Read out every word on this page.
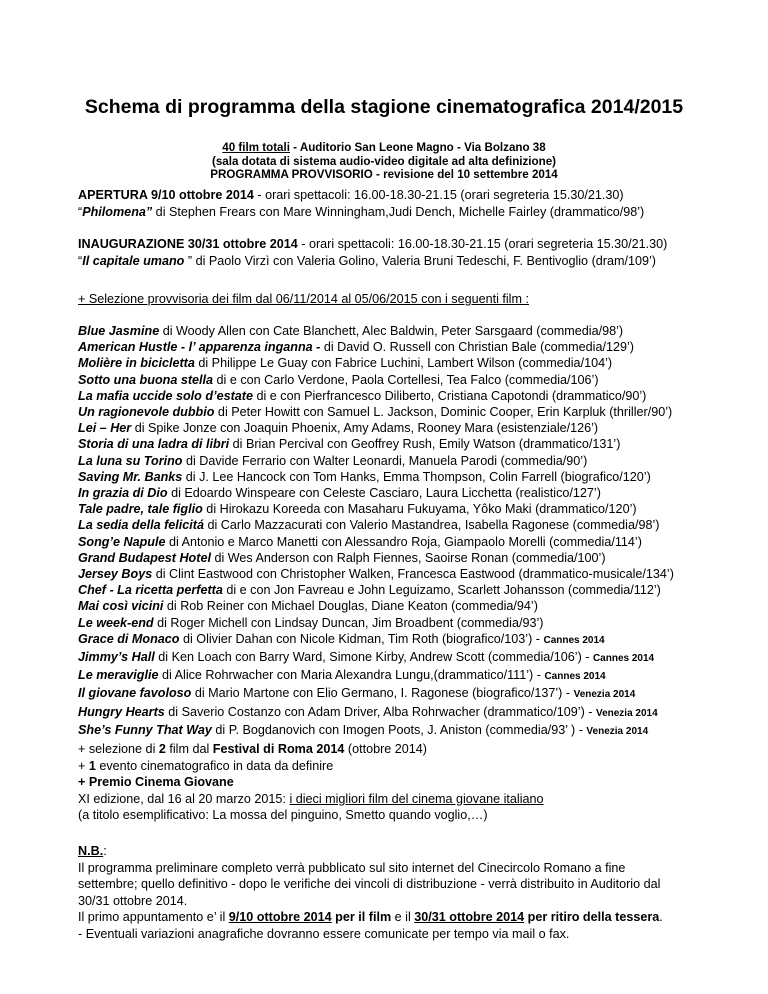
Schema di programma della stagione cinematografica 2014/2015
40 film totali - Auditorio San Leone Magno - Via Bolzano 38
(sala dotata di sistema audio-video digitale ad alta definizione)
PROGRAMMA PROVVISORIO - revisione del 10 settembre 2014
APERTURA 9/10 ottobre 2014 - orari spettacoli: 16.00-18.30-21.15 (orari segreteria 15.30/21.30)
“Philomena” di Stephen Frears con Mare Winningham,Judi Dench, Michelle Fairley (drammatico/98’)
INAUGURAZIONE 30/31 ottobre 2014 - orari spettacoli: 16.00-18.30-21.15 (orari segreteria 15.30/21.30)
“Il capitale umano ” di Paolo Virzì con Valeria Golino, Valeria Bruni Tedeschi, F. Bentivoglio (dram/109’)
+ Selezione provvisoria dei film dal 06/11/2014 al 05/06/2015 con i seguenti film :
Blue Jasmine di Woody Allen con Cate Blanchett, Alec Baldwin, Peter Sarsgaard (commedia/98’)
American Hustle - l’ apparenza inganna - di David O. Russell con Christian Bale (commedia/129’)
Molière in bicicletta di Philippe Le Guay con Fabrice Luchini, Lambert Wilson (commedia/104’)
Sotto una buona stella di e con Carlo Verdone, Paola Cortellesi, Tea Falco (commedia/106’)
La mafia uccide solo d’estate di e con Pierfrancesco Diliberto, Cristiana Capotondi (drammatico/90’)
Un ragionevole dubbio di Peter Howitt con Samuel L. Jackson, Dominic Cooper, Erin Karpluk (thriller/90’)
Lei – Her di Spike Jonze con Joaquin Phoenix, Amy Adams, Rooney Mara (esistenziale/126’)
Storia di una ladra di libri di Brian Percival con Geoffrey Rush, Emily Watson (drammatico/131’)
La luna su Torino di Davide Ferrario con Walter Leonardi, Manuela Parodi (commedia/90’)
Saving Mr. Banks di J. Lee Hancock con Tom Hanks, Emma Thompson, Colin Farrell (biografico/120’)
In grazia di Dio di Edoardo Winspeare con Celeste Casciaro, Laura Licchetta (realistico/127’)
Tale padre, tale figlio di Hirokazu Koreeda con Masaharu Fukuyama, Yôko Maki (drammatico/120’)
La sedia della felicitá di Carlo Mazzacurati con Valerio Mastandrea, Isabella Ragonese (commedia/98’)
Song’e Napule di Antonio e Marco Manetti con Alessandro Roja, Giampaolo Morelli (commedia/114’)
Grand Budapest Hotel di Wes Anderson con Ralph Fiennes, Saoirse Ronan (commedia/100’)
Jersey Boys di Clint Eastwood con Christopher Walken, Francesca Eastwood (drammatico-musicale/134’)
Chef - La ricetta perfetta di e con Jon Favreau e John Leguizamo, Scarlett Johansson (commedia/112’)
Mai così vicini di Rob Reiner con Michael Douglas, Diane Keaton (commedia/94’)
Le week-end di Roger Michell con Lindsay Duncan, Jim Broadbent (commedia/93’)
Grace di Monaco di Olivier Dahan con Nicole Kidman, Tim Roth (biografico/103’) - Cannes 2014
Jimmy’s Hall di Ken Loach con Barry Ward, Simone Kirby, Andrew Scott (commedia/106’) - Cannes 2014
Le meraviglie di Alice Rohrwacher con Maria Alexandra Lungu,(drammatico/111’) - Cannes 2014
Il giovane favoloso di Mario Martone con Elio Germano, I. Ragonese (biografico/137’) - Venezia 2014
Hungry Hearts di Saverio Costanzo con Adam Driver, Alba Rohrwacher (drammatico/109’) - Venezia 2014
She’s Funny That Way di P. Bogdanovich con Imogen Poots, J. Aniston (commedia/93’ ) - Venezia 2014
+ selezione di 2 film dal Festival di Roma 2014 (ottobre 2014)
+ 1 evento cinematografico in data da definire
+ Premio Cinema Giovane
XI edizione, dal 16 al 20 marzo 2015: i dieci migliori film del cinema giovane italiano
(a titolo esemplificativo: La mossa del pinguino, Smetto quando voglio,…)
N.B.:
Il programma preliminare completo verrà pubblicato sul sito internet del Cinecircolo Romano a fine
settembre; quello definitivo - dopo le verifiche dei vincoli di distribuzione - verrà distribuito in Auditorio dal
30/31 ottobre 2014.
Il primo appuntamento e’ il 9/10 ottobre 2014 per il film e il 30/31 ottobre 2014 per ritiro della tessera.
- Eventuali variazioni anagrafiche dovranno essere comunicate per tempo via mail o fax.
